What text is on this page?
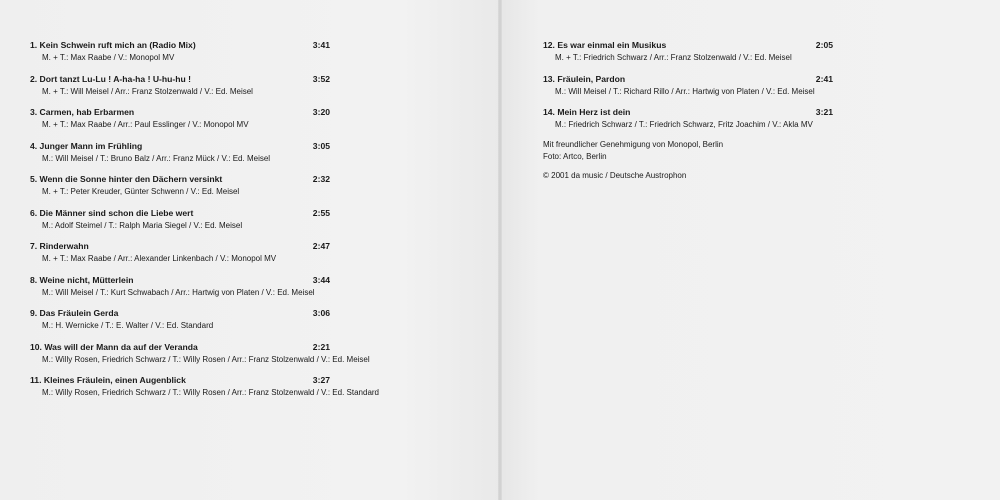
1. Kein Schwein ruft mich an (Radio Mix)	3:41
M. + T.: Max Raabe / V.: Monopol MV
2. Dort tanzt Lu-Lu ! A-ha-ha ! U-hu-hu !	3:52
M. + T.: Will Meisel / Arr.: Franz Stolzenwald / V.: Ed. Meisel
3. Carmen, hab Erbarmen	3:20
M. + T.: Max Raabe / Arr.: Paul Esslinger / V.: Monopol MV
4. Junger Mann im Frühling	3:05
M.: Will Meisel / T.: Bruno Balz / Arr.: Franz Mück / V.: Ed. Meisel
5. Wenn die Sonne hinter den Dächern versinkt	2:32
M. + T.: Peter Kreuder, Günter Schwenn / V.: Ed. Meisel
6. Die Männer sind schon die Liebe wert	2:55
M.: Adolf Steimel / T.: Ralph Maria Siegel / V.: Ed. Meisel
7. Rinderwahn	2:47
M. + T.: Max Raabe / Arr.: Alexander Linkenbach / V.: Monopol MV
8. Weine nicht, Mütterlein	3:44
M.: Will Meisel / T.: Kurt Schwabach / Arr.: Hartwig von Platen / V.: Ed. Meisel
9. Das Fräulein Gerda	3:06
M.: H. Wernicke / T.: E. Walter / V.: Ed. Standard
10. Was will der Mann da auf der Veranda	2:21
M.: Willy Rosen, Friedrich Schwarz / T.: Willy Rosen / Arr.: Franz Stolzenwald / V.: Ed. Meisel
11. Kleines Fräulein, einen Augenblick	3:27
M.: Willy Rosen, Friedrich Schwarz / T.: Willy Rosen / Arr.: Franz Stolzenwald / V.: Ed. Standard
12. Es war einmal ein Musikus	2:05
M. + T.: Friedrich Schwarz / Arr.: Franz Stolzenwald / V.: Ed. Meisel
13. Fräulein, Pardon	2:41
M.: Will Meisel / T.: Richard Rillo / Arr.: Hartwig von Platen / V.: Ed. Meisel
14. Mein Herz ist dein	3:21
M.: Friedrich Schwarz / T.: Friedrich Schwarz, Fritz Joachim / V.: Akla MV
Mit freundlicher Genehmigung von Monopol, Berlin
Foto: Artco, Berlin
© 2001 da music / Deutsche Austrophon
